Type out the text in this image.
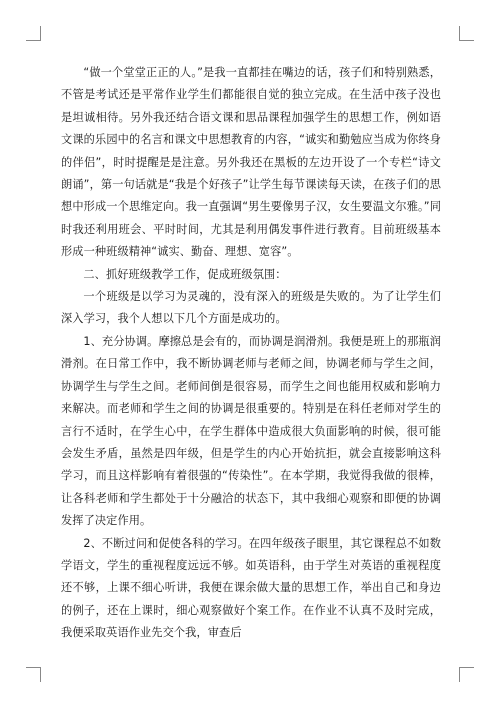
“做一个堂堂正正的人。”是我一直都挂在嘴边的话，孩子们和特别熟悉，不管是考试还是平常作业学生们都能很自觉的独立完成。在生活中孩子没也是坦诚相待。另外我还结合语文课和思品课程加强学生的思想工作，例如语文课的乐园中的名言和课文中思想教育的内容，“诚实和勤勉应当成为你终身的伴侣”，时时提醒是是注意。另外我还在黑板的左边开设了一个专栏“诗文朗诵”，第一句话就是“我是个好孩子”让学生每节课读每天读，在孩子们的思想中形成一个思维定向。我一直强调“男生要像男子汉，女生要温文尔雅。”同时我还利用班会、平时时间，尤其是利用偶发事件进行教育。目前班级基本形成一种班级精神“诚实、勤奋、理想、宽容”。

二、抓好班级教学工作，促成班级氛围：

一个班级是以学习为灵魂的，没有深入的班级是失败的。为了让学生们深入学习，我个人想以下几个方面是成功的。

1、充分协调。摩擦总是会有的，而协调是润滑剂。我便是班上的那瓶润滑剂。在日常工作中，我不断协调老师与老师之间，协调老师与学生之间，协调学生与学生之间。老师间倒是很容易，而学生之间也能用权威和影响力来解决。而老师和学生之间的协调是很重要的。特别是在科任老师对学生的言行不适时，在学生心中，在学生群体中造成很大负面影响的时候，很可能会发生矛盾，虽然是四年级，但是学生的内心开始抗拒，就会直接影响这科学习，而且这样影响有着很强的“传染性”。在本学期，我觉得我做的很棒，让各科老师和学生都处于十分融洽的状态下，其中我细心观察和即便的协调发挥了决定作用。

2、不断过问和促使各科的学习。在四年级孩子眼里，其它课程总不如数学语文，学生的重视程度远远不够。如英语科，由于学生对英语的重视程度还不够，上课不细心听讲，我便在课余做大量的思想工作，举出自己和身边的例子，还在上课时，细心观察做好个案工作。在作业不认真不及时完成，我便采取英语作业先交个我，审查后
